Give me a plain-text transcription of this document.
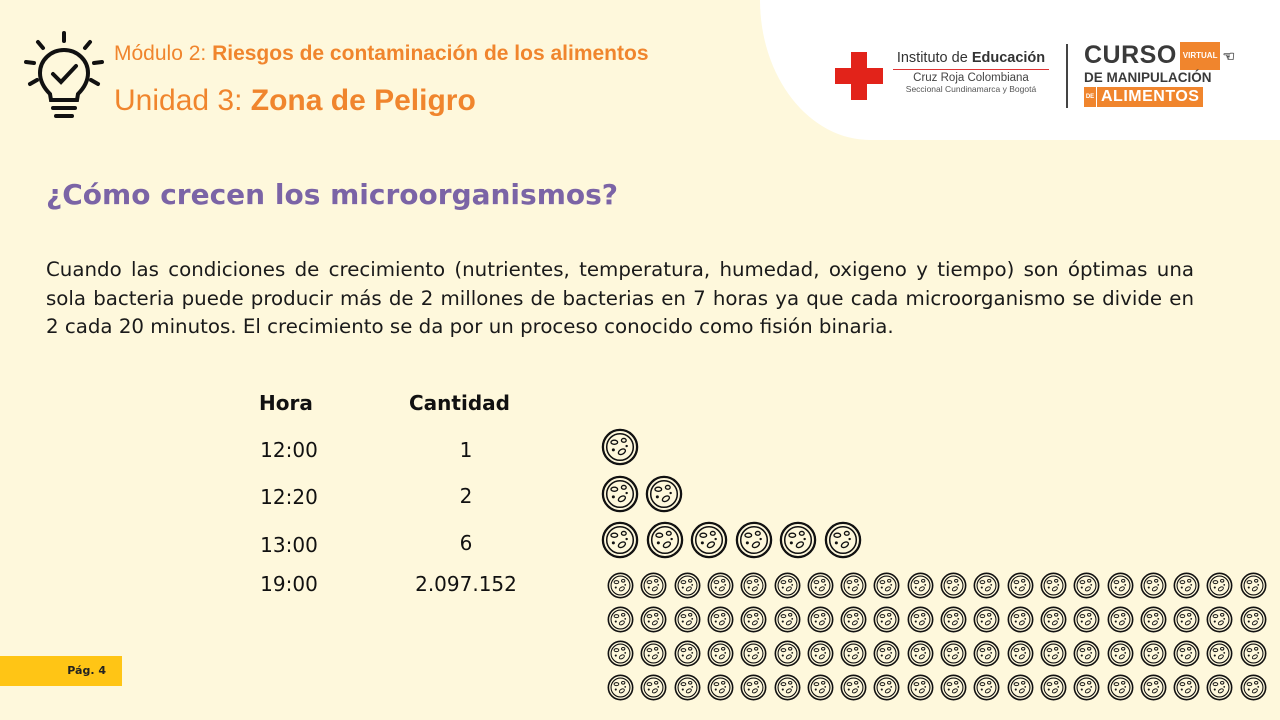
Módulo 2: Riesgos de contaminación de los alimentos
Unidad 3: Zona de Peligro
Instituto de Educación
Cruz Roja Colombiana
Seccional Cundinamarca y Bogotá
CURSO VIRTUAL ☜
DE MANIPULACIÓN
DE ALIMENTOS
¿Cómo crecen los microorganismos?

Cuando las condiciones de crecimiento (nutrientes, temperatura, humedad, oxigeno y tiempo) son óptimas una sola bacteria puede producir más de 2 millones de bacterias en 7 horas ya que cada microorganismo se divide en 2 cada 20 minutos. El crecimiento se da por un proceso conocido como fisión binaria.

Hora	Cantidad
12:00	1
12:20	2
13:00	6
19:00	2.097.152
Pág. 4
